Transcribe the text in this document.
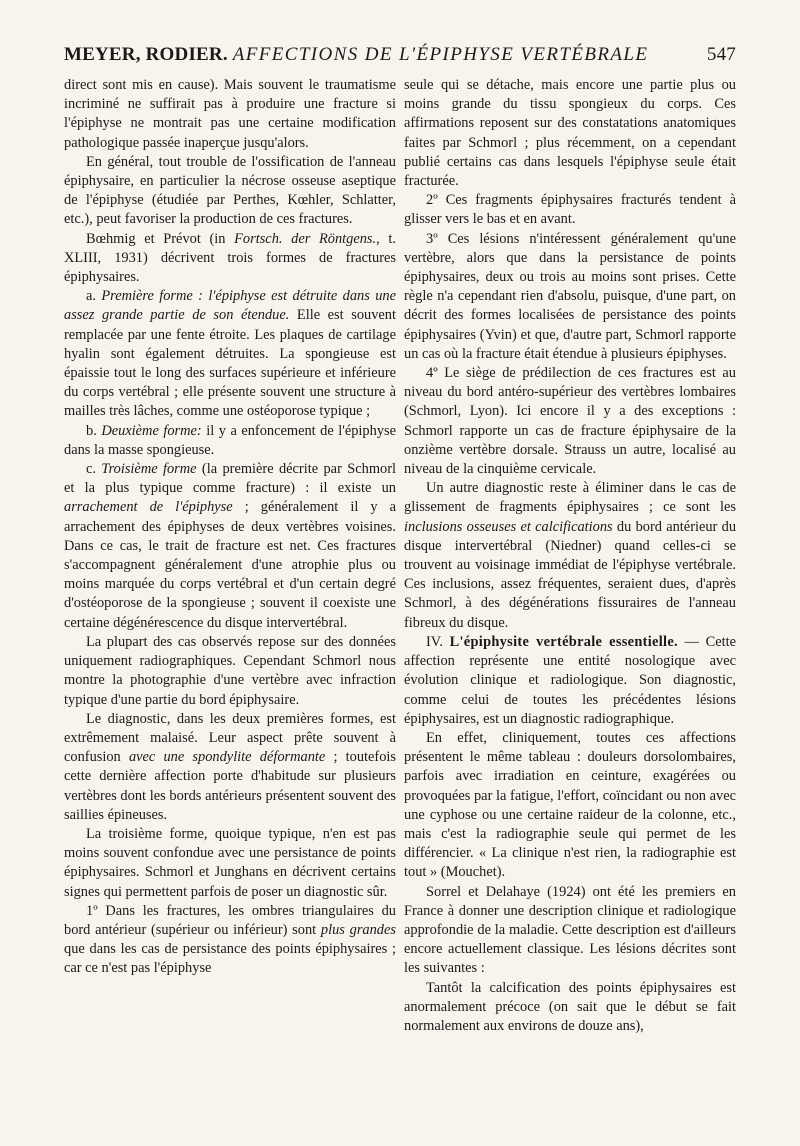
MEYER, RODIER. AFFECTIONS DE L'ÉPIPHYSE VERTÉBRALE	547

direct sont mis en cause). Mais souvent le traumatisme incriminé ne suffirait pas à produire une fracture si l'épiphyse ne montrait pas une certaine modification pathologique passée inaperçue jusqu'alors.

En général, tout trouble de l'ossification de l'anneau épiphysaire, en particulier la nécrose osseuse aseptique de l'épiphyse (étudiée par Perthes, Kœhler, Schlatter, etc.), peut favoriser la production de ces fractures.

Bœhmig et Prévot (in Fortsch. der Röntgens., t. XLIII, 1931) décrivent trois formes de fractures épiphysaires.

a. Première forme : l'épiphyse est détruite dans une assez grande partie de son étendue. Elle est souvent remplacée par une fente étroite. Les plaques de cartilage hyalin sont également détruites. La spongieuse est épaissie tout le long des surfaces supérieure et inférieure du corps vertébral ; elle présente souvent une structure à mailles très lâches, comme une ostéoporose typique ;

b. Deuxième forme: il y a enfoncement de l'épiphyse dans la masse spongieuse.

c. Troisième forme (la première décrite par Schmorl et la plus typique comme fracture) : il existe un arrachement de l'épiphyse ; généralement il y a arrachement des épiphyses de deux vertèbres voisines. Dans ce cas, le trait de fracture est net. Ces fractures s'accompagnent généralement d'une atrophie plus ou moins marquée du corps vertébral et d'un certain degré d'ostéoporose de la spongieuse ; souvent il coexiste une certaine dégénérescence du disque intervertébral.

La plupart des cas observés repose sur des données uniquement radiographiques. Cependant Schmorl nous montre la photographie d'une vertèbre avec infraction typique d'une partie du bord épiphysaire.

Le diagnostic, dans les deux premières formes, est extrêmement malaisé. Leur aspect prête souvent à confusion avec une spondylite déformante ; toutefois cette dernière affection porte d'habitude sur plusieurs vertèbres dont les bords antérieurs présentent souvent des saillies épineuses.

La troisième forme, quoique typique, n'en est pas moins souvent confondue avec une persistance de points épiphysaires. Schmorl et Junghans en décrivent certains signes qui permettent parfois de poser un diagnostic sûr.

1º Dans les fractures, les ombres triangulaires du bord antérieur (supérieur ou inférieur) sont plus grandes que dans les cas de persistance des points épiphysaires ; car ce n'est pas l'épiphyse

seule qui se détache, mais encore une partie plus ou moins grande du tissu spongieux du corps. Ces affirmations reposent sur des constatations anatomiques faites par Schmorl ; plus récemment, on a cependant publié certains cas dans lesquels l'épiphyse seule était fracturée.

2º Ces fragments épiphysaires fracturés tendent à glisser vers le bas et en avant.

3º Ces lésions n'intéressent généralement qu'une vertèbre, alors que dans la persistance de points épiphysaires, deux ou trois au moins sont prises. Cette règle n'a cependant rien d'absolu, puisque, d'une part, on décrit des formes localisées de persistance des points épiphysaires (Yvin) et que, d'autre part, Schmorl rapporte un cas où la fracture était étendue à plusieurs épiphyses.

4º Le siège de prédilection de ces fractures est au niveau du bord antéro-supérieur des vertèbres lombaires (Schmorl, Lyon). Ici encore il y a des exceptions : Schmorl rapporte un cas de fracture épiphysaire de la onzième vertèbre dorsale. Strauss un autre, localisé au niveau de la cinquième cervicale.

Un autre diagnostic reste à éliminer dans le cas de glissement de fragments épiphysaires ; ce sont les inclusions osseuses et calcifications du bord antérieur du disque intervertébral (Niedner) quand celles-ci se trouvent au voisinage immédiat de l'épiphyse vertébrale. Ces inclusions, assez fréquentes, seraient dues, d'après Schmorl, à des dégénérations fissuraires de l'anneau fibreux du disque.

IV. L'épiphysite vertébrale essentielle. — Cette affection représente une entité nosologique avec évolution clinique et radiologique. Son diagnostic, comme celui de toutes les précédentes lésions épiphysaires, est un diagnostic radiographique.

En effet, cliniquement, toutes ces affections présentent le même tableau : douleurs dorsolombaires, parfois avec irradiation en ceinture, exagérées ou provoquées par la fatigue, l'effort, coïncidant ou non avec une cyphose ou une certaine raideur de la colonne, etc., mais c'est la radiographie seule qui permet de les différencier. « La clinique n'est rien, la radiographie est tout » (Mouchet).

Sorrel et Delahaye (1924) ont été les premiers en France à donner une description clinique et radiologique approfondie de la maladie. Cette description est d'ailleurs encore actuellement classique. Les lésions décrites sont les suivantes :

Tantôt la calcification des points épiphysaires est anormalement précoce (on sait que le début se fait normalement aux environs de douze ans),
